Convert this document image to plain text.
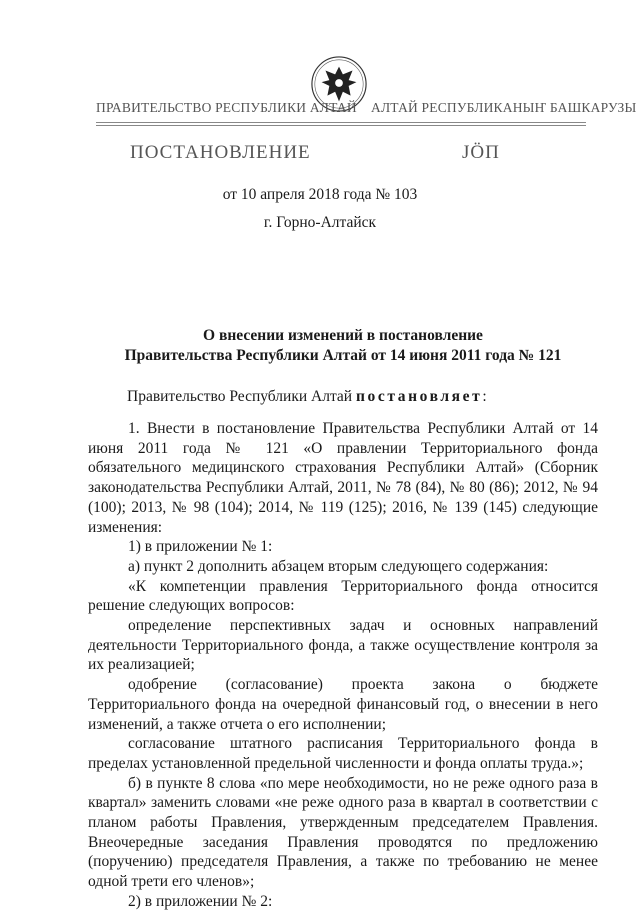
ПРАВИТЕЛЬСТВО РЕСПУБЛИКИ АЛТАЙ АЛТАЙ РЕСПУБЛИКАНЫҤ БАШКАРУЗЫ
ПОСТАНОВЛЕНИЕ	ЈӦП
от 10 апреля 2018 года № 103
г. Горно-Алтайск
О внесении изменений в постановление
Правительства Республики Алтай от 14 июня 2011 года № 121
Правительство Республики Алтай постановляет:

1. Внести в постановление Правительства Республики Алтай от 14 июня 2011 года № 121 «О правлении Территориального фонда обязательного медицинского страхования Республики Алтай» (Сборник законодательства Республики Алтай, 2011, № 78 (84), № 80 (86); 2012, № 94 (100); 2013, № 98 (104); 2014, № 119 (125); 2016, № 139 (145) следующие изменения:

1) в приложении № 1:

а) пункт 2 дополнить абзацем вторым следующего содержания:

«К компетенции правления Территориального фонда относится решение следующих вопросов:

определение перспективных задач и основных направлений деятельности Территориального фонда, а также осуществление контроля за их реализацией;

одобрение (согласование) проекта закона о бюджете Территориального фонда на очередной финансовый год, о внесении в него изменений, а также отчета о его исполнении;

согласование штатного расписания Территориального фонда в пределах установленной предельной численности и фонда оплаты труда.»;

б) в пункте 8 слова «по мере необходимости, но не реже одного раза в квартал» заменить словами «не реже одного раза в квартал в соответствии с планом работы Правления, утвержденным председателем Правления. Внеочередные заседания Правления проводятся по предложению (поручению) председателя Правления, а также по требованию не менее одной трети его членов»;

2) в приложении № 2:
